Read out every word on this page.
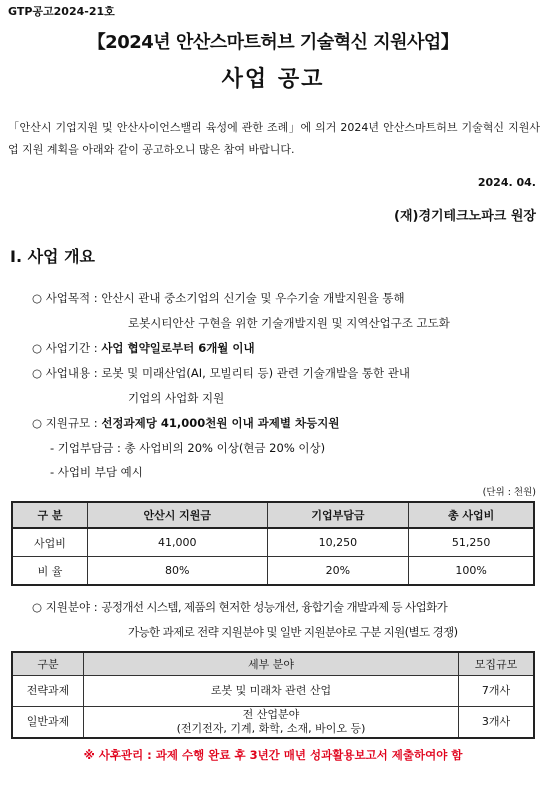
GTP공고2024-21호
【2024년 안산스마트허브 기술혁신 지원사업】
사업 공고
「안산시 기업지원 및 안산사이언스밸리 육성에 관한 조례」에 의거 2024년 안산스마트허브 기술혁신 지원사업 지원 계획을 아래와 같이 공고하오니 많은 참여 바랍니다.
2024. 04.
(재)경기테크노파크 원장
Ⅰ. 사업 개요
○ 사업목적 : 안산시 관내 중소기업의 신기술 및 우수기술 개발지원을 통해
로봇시티안산 구현을 위한 기술개발지원 및 지역산업구조 고도화
○ 사업기간 : 사업 협약일로부터 6개월 이내
○ 사업내용 : 로봇 및 미래산업(AI, 모빌리티 등) 관련 기술개발을 통한 관내
기업의 사업화 지원
○ 지원규모 : 선정과제당 41,000천원 이내 과제별 차등지원
- 기업부담금 : 총 사업비의 20% 이상(현금 20% 이상)
- 사업비 부담 예시
(단위 : 천원)
구 분	안산시 지원금	기업부담금	총 사업비
사업비	41,000	10,250	51,250
비 율	80%	20%	100%
○ 지원분야 : 공정개선 시스템, 제품의 현저한 성능개선, 융합기술 개발과제 등 사업화가
가능한 과제로 전략 지원분야 및 일반 지원분야로 구분 지원(별도 경쟁)
구분	세부 분야	모집규모
전략과제	로봇 및 미래차 관련 산업	7개사
일반과제	전 산업분야
(전기전자, 기계, 화학, 소재, 바이오 등)	3개사
※ 사후관리 : 과제 수행 완료 후 3년간 매년 성과활용보고서 제출하여야 함
